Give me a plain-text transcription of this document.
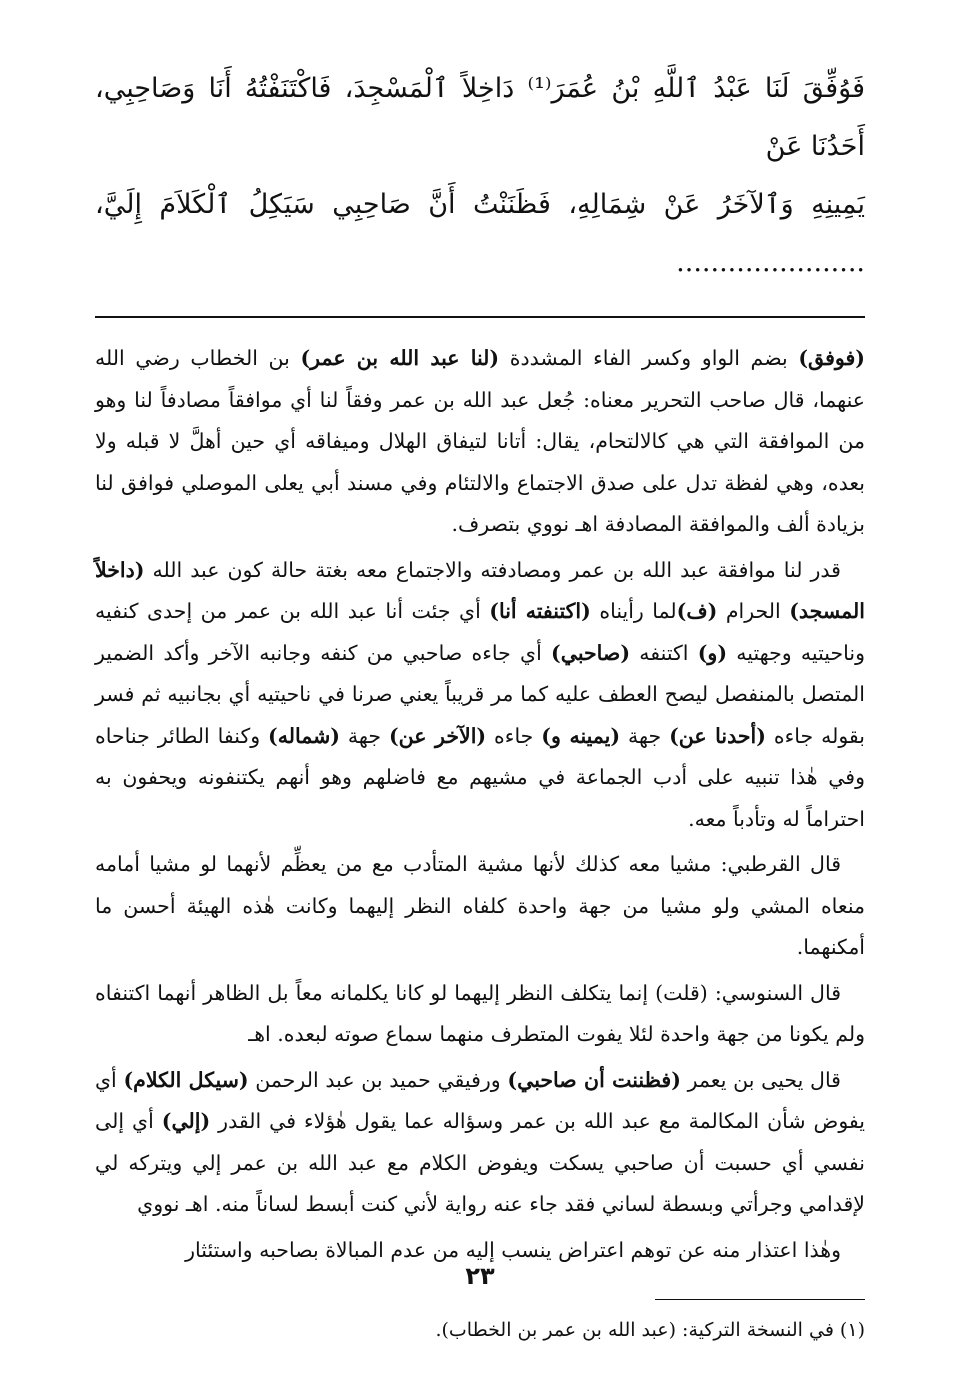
فَوُفِّقَ لَنَا عَبْدُ ٱللَّهِ بْنُ عُمَرَ⁽¹⁾ دَاخِلاً ٱلْمَسْجِدَ، فَاكْتَنَفْتُهُ أَنَا وَصَاحِبِي، أَحَدُنَا عَنْ
يَمِينِهِ وَٱلآخَرُ عَنْ شِمَالِهِ، فَظَنَنْتُ أَنَّ صَاحِبِي سَيَكِلُ ٱلْكَلاَمَ إِلَيَّ، ......................

(فوفق) بضم الواو وكسر الفاء المشددة (لنا عبد الله بن عمر) بن الخطاب رضي الله عنهما، قال صاحب التحرير معناه: جُعل عبد الله بن عمر وفقاً لنا أي موافقاً مصادفاً لنا وهو من الموافقة التي هي كالالتحام، يقال: أتانا لتيفاق الهلال وميفاقه أي حين أهلَّ لا قبله ولا بعده، وهي لفظة تدل على صدق الاجتماع والالتئام وفي مسند أبي يعلى الموصلي فوافق لنا بزيادة ألف والموافقة المصادفة اهـ نووي بتصرف.

قدر لنا موافقة عبد الله بن عمر ومصادفته والاجتماع معه بغتة حالة كون عبد الله (داخلاً المسجد) الحرام (ف)لما رأيناه (اكتنفته أنا) أي جئت أنا عبد الله بن عمر من إحدى كنفيه وناحيتيه وجهتيه (و) اكتنفه (صاحبي) أي جاءه صاحبي من كنفه وجانبه الآخر وأكد الضمير المتصل بالمنفصل ليصح العطف عليه كما مر قريباً يعني صرنا في ناحيتيه أي بجانبيه ثم فسر بقوله جاءه (أحدنا عن) جهة (يمينه و) جاءه (الآخر عن) جهة (شماله) وكنفا الطائر جناحاه وفي هٰذا تنبيه على أدب الجماعة في مشيهم مع فاضلهم وهو أنهم يكتنفونه ويحفون به احتراماً له وتأدباً معه.

قال القرطبي: مشيا معه كذلك لأنها مشية المتأدب مع من يعظِّم لأنهما لو مشيا أمامه منعاه المشي ولو مشيا من جهة واحدة كلفاه النظر إليهما وكانت هٰذه الهيئة أحسن ما أمكنهما.

قال السنوسي: (قلت) إنما يتكلف النظر إليهما لو كانا يكلمانه معاً بل الظاهر أنهما اكتنفاه ولم يكونا من جهة واحدة لئلا يفوت المتطرف منهما سماع صوته لبعده. اهـ

قال يحيى بن يعمر (فظننت أن صاحبي) ورفيقي حميد بن عبد الرحمن (سيكل الكلام) أي يفوض شأن المكالمة مع عبد الله بن عمر وسؤاله عما يقول هٰؤلاء في القدر (إلي) أي إلى نفسي أي حسبت أن صاحبي يسكت ويفوض الكلام مع عبد الله بن عمر إلي ويتركه لي لإقدامي وجرأتي وبسطة لساني فقد جاء عنه رواية لأني كنت أبسط لساناً منه. اهـ نووي

وهٰذا اعتذار منه عن توهم اعتراض ينسب إليه من عدم المبالاة بصاحبه واستئثار

(١) في النسخة التركية: (عبد الله بن عمر بن الخطاب).

٢٣
